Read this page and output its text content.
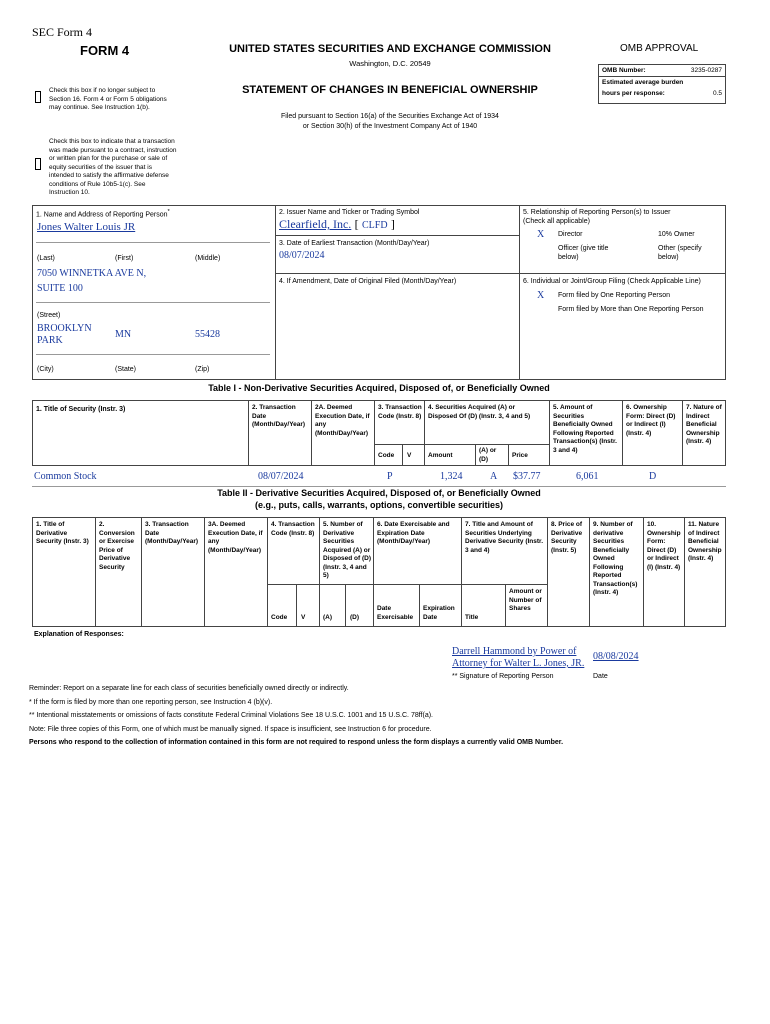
SEC Form 4
FORM 4	UNITED STATES SECURITIES AND EXCHANGE COMMISSION
Washington, D.C. 20549
STATEMENT OF CHANGES IN BENEFICIAL OWNERSHIP
Filed pursuant to Section 16(a) of the Securities Exchange Act of 1934
or Section 30(h) of the Investment Company Act of 1940
Check this box if no longer subject to Section 16. Form 4 or Form 5 obligations may continue. See Instruction 1(b).
Check this box to indicate that a transaction was made pursuant to a contract, instruction or written plan for the purchase or sale of equity securities of the issuer that is intended to satisfy the affirmative defense conditions of Rule 10b5-1(c). See Instruction 10.
OMB APPROVAL
OMB Number:	3235-0287
Estimated average burden
hours per response:	0.5
1. Name and Address of Reporting Person*
Jones Walter Louis JR
(Last)	(First)	(Middle)
7050 WINNETKA AVE N,
SUITE 100
(Street)
BROOKLYN PARK
MN	55428
(City)	(State)	(Zip)
2. Issuer Name and Ticker or Trading Symbol
Clearfield, Inc. [ CLFD ]
3. Date of Earliest Transaction (Month/Day/Year)
08/07/2024
4. If Amendment, Date of Original Filed (Month/Day/Year)
5. Relationship of Reporting Person(s) to Issuer
(Check all applicable)
X Director	10% Owner
Officer (give title below)
Other (specify below)
6. Individual or Joint/Group Filing (Check Applicable Line)
X Form filed by One Reporting Person
Form filed by More than One Reporting Person
Table I - Non-Derivative Securities Acquired, Disposed of, or Beneficially Owned
1. Title of Security (Instr. 3)	2. Transaction Date (Month/Day/Year)
2A. Deemed Execution Date, if any (Month/Day/Year)
3. Transaction Code (Instr. 8)
4. Securities Acquired (A) or Disposed Of (D) (Instr. 3, 4 and 5)
5. Amount of Securities Beneficially Owned Following Reported Transaction(s) (Instr. 3 and 4)
6. Ownership Form: Direct (D) or Indirect (I) (Instr. 4)
7. Nature of Indirect Beneficial Ownership (Instr. 4)
Code V	Amount
(A) or (D)	Price
Common Stock	08/07/2024	P	1,324	A $37.77	6,061	D
Table II - Derivative Securities Acquired, Disposed of, or Beneficially Owned
(e.g., puts, calls, warrants, options, convertible securities)
1. Title of Derivative Security (Instr. 3)
2. Conversion or Exercise Price of Derivative Security
3. Transaction Date (Month/Day/Year)
3A. Deemed Execution Date, if any (Month/Day/Year)
4. Transaction Code (Instr. 8)
5. Number of Derivative Securities Acquired (A) or Disposed of (D) (Instr. 3, 4 and 5)
6. Date Exercisable and Expiration Date (Month/Day/Year)
7. Title and Amount of Securities Underlying Derivative Security (Instr. 3 and 4)
8. Price of Derivative Security (Instr. 5)
9. Number of derivative Securities Beneficially Owned Following Reported Transaction(s) (Instr. 4)
10. Ownership Form: Direct (D) or Indirect (I) (Instr. 4)
11. Nature of Indirect Beneficial Ownership (Instr. 4)
Code V	(A)	(D)
Date Exercisable
Expiration Date	Title
Amount or Number of Shares
Explanation of Responses:
Darrell Hammond by Power of
Attorney for Walter L. Jones, JR.
08/08/2024
** Signature of Reporting Person	Date
Reminder: Report on a separate line for each class of securities beneficially owned directly or indirectly.
* If the form is filed by more than one reporting person, see Instruction 4 (b)(v).
** Intentional misstatements or omissions of facts constitute Federal Criminal Violations See 18 U.S.C. 1001 and 15 U.S.C. 78ff(a).
Note: File three copies of this Form, one of which must be manually signed. If space is insufficient, see Instruction 6 for procedure.
Persons who respond to the collection of information contained in this form are not required to respond unless the form displays a currently valid OMB Number.
